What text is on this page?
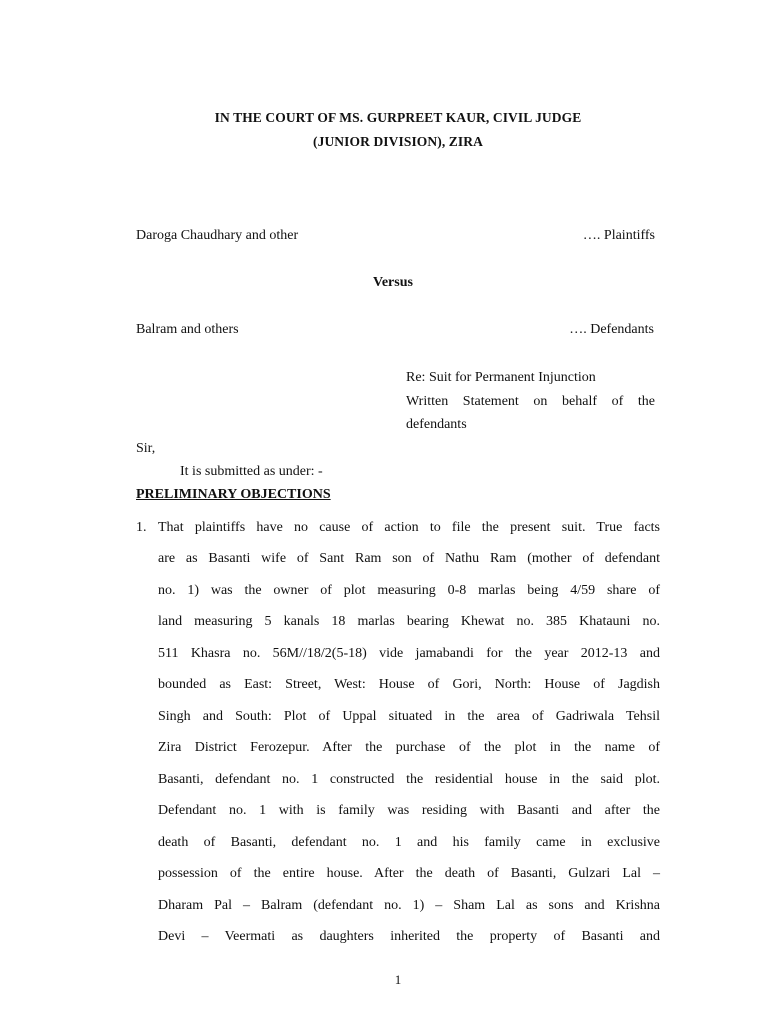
IN THE COURT OF MS. GURPREET KAUR, CIVIL JUDGE
(JUNIOR DIVISION), ZIRA
Daroga Chaudhary and other	…. Plaintiffs
Versus
Balram and others	…. Defendants
Re: Suit for Permanent Injunction
Written Statement on behalf of the
defendants
Sir,
It is submitted as under: -
PRELIMINARY OBJECTIONS
1. That plaintiffs have no cause of action to file the present suit. True facts
are as Basanti wife of Sant Ram son of Nathu Ram (mother of defendant
no. 1) was the owner of plot measuring 0-8 marlas being 4/59 share of
land measuring 5 kanals 18 marlas bearing Khewat no. 385 Khatauni no.
511 Khasra no. 56M//18/2(5-18) vide jamabandi for the year 2012-13 and
bounded as East: Street, West: House of Gori, North: House of Jagdish
Singh and South: Plot of Uppal situated in the area of Gadriwala Tehsil
Zira District Ferozepur. After the purchase of the plot in the name of
Basanti, defendant no. 1 constructed the residential house in the said plot.
Defendant no. 1 with is family was residing with Basanti and after the
death of Basanti, defendant no. 1 and his family came in exclusive
possession of the entire house. After the death of Basanti, Gulzari Lal –
Dharam Pal – Balram (defendant no. 1) – Sham Lal as sons and Krishna
Devi – Veermati as daughters inherited the property of Basanti and
1
